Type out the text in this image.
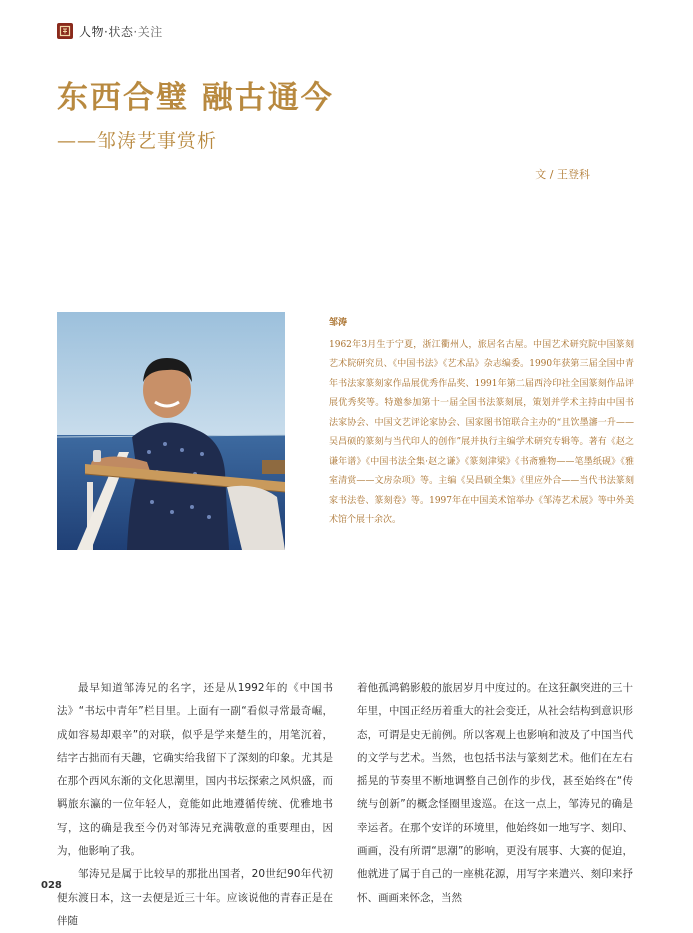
人物·状态·关注
东西合璧 融古通今
——邹涛艺事赏析
文 / 王登科
邹涛
1962年3月生于宁夏，浙江衢州人，旅居名古屋。中国艺术研究院中国篆刻艺术院研究员、《中国书法》《艺术品》杂志编委。1990年获第三届全国中青年书法家篆刻家作品展优秀作品奖、1991年第二届西泠印社全国篆刻作品评展优秀奖等。特邀参加第十一届全国书法篆刻展，策划并学术主持由中国书法家协会、中国文艺评论家协会、国家图书馆联合主办的“且饮墨瀋一升——吴昌硕的篆刻与当代印人的创作”展并执行主编学术研究专辑等。著有《赵之谦年谱》《中国书法全集·赵之谦》《篆刻津梁》《书斋雅物——笔墨纸砚》《雅室清赏——文房杂项》等。主编《吴昌硕全集》《里应外合——当代书法篆刻家书法卷、篆刻卷》等。1997年在中国美术馆举办《邹涛艺术展》等中外美术馆个展十余次。

最早知道邹涛兄的名字，还是从1992年的《中国书法》“书坛中青年”栏目里。上面有一副“看似寻常最奇崛，成如容易却艰辛”的对联，似乎是学来楚生的，用笔沉着，结字古拙而有天趣，它确实给我留下了深刻的印象。尤其是在那个西风东渐的文化思潮里，国内书坛探索之风炽盛，而羁旅东瀛的一位年轻人，竟能如此地遵循传统、优雅地书写，这的确是我至今仍对邹涛兄充满敬意的重要理由，因为，他影响了我。

邹涛兄是属于比较早的那批出国者，20世纪90年代初便东渡日本，这一去便是近三十年。应该说他的青春正是在伴随

着他孤鸿鹤影般的旅居岁月中度过的。在这狂飙突进的三十年里，中国正经历着重大的社会变迁，从社会结构到意识形态，可谓是史无前例。所以客观上也影响和波及了中国当代的文学与艺术。当然，也包括书法与篆刻艺术。他们在左右摇晃的节奏里不断地调整自己创作的步伐，甚至始终在“传统与创新”的概念怪圈里逡巡。在这一点上，邹涛兄的确是幸运者。在那个安详的环境里，他始终如一地写字、刻印、画画，没有所谓“思潮”的影响，更没有展事、大赛的促迫，他就进了属于自己的一座桃花源，用写字来遣兴、刻印来抒怀、画画来怀念，当然

028
